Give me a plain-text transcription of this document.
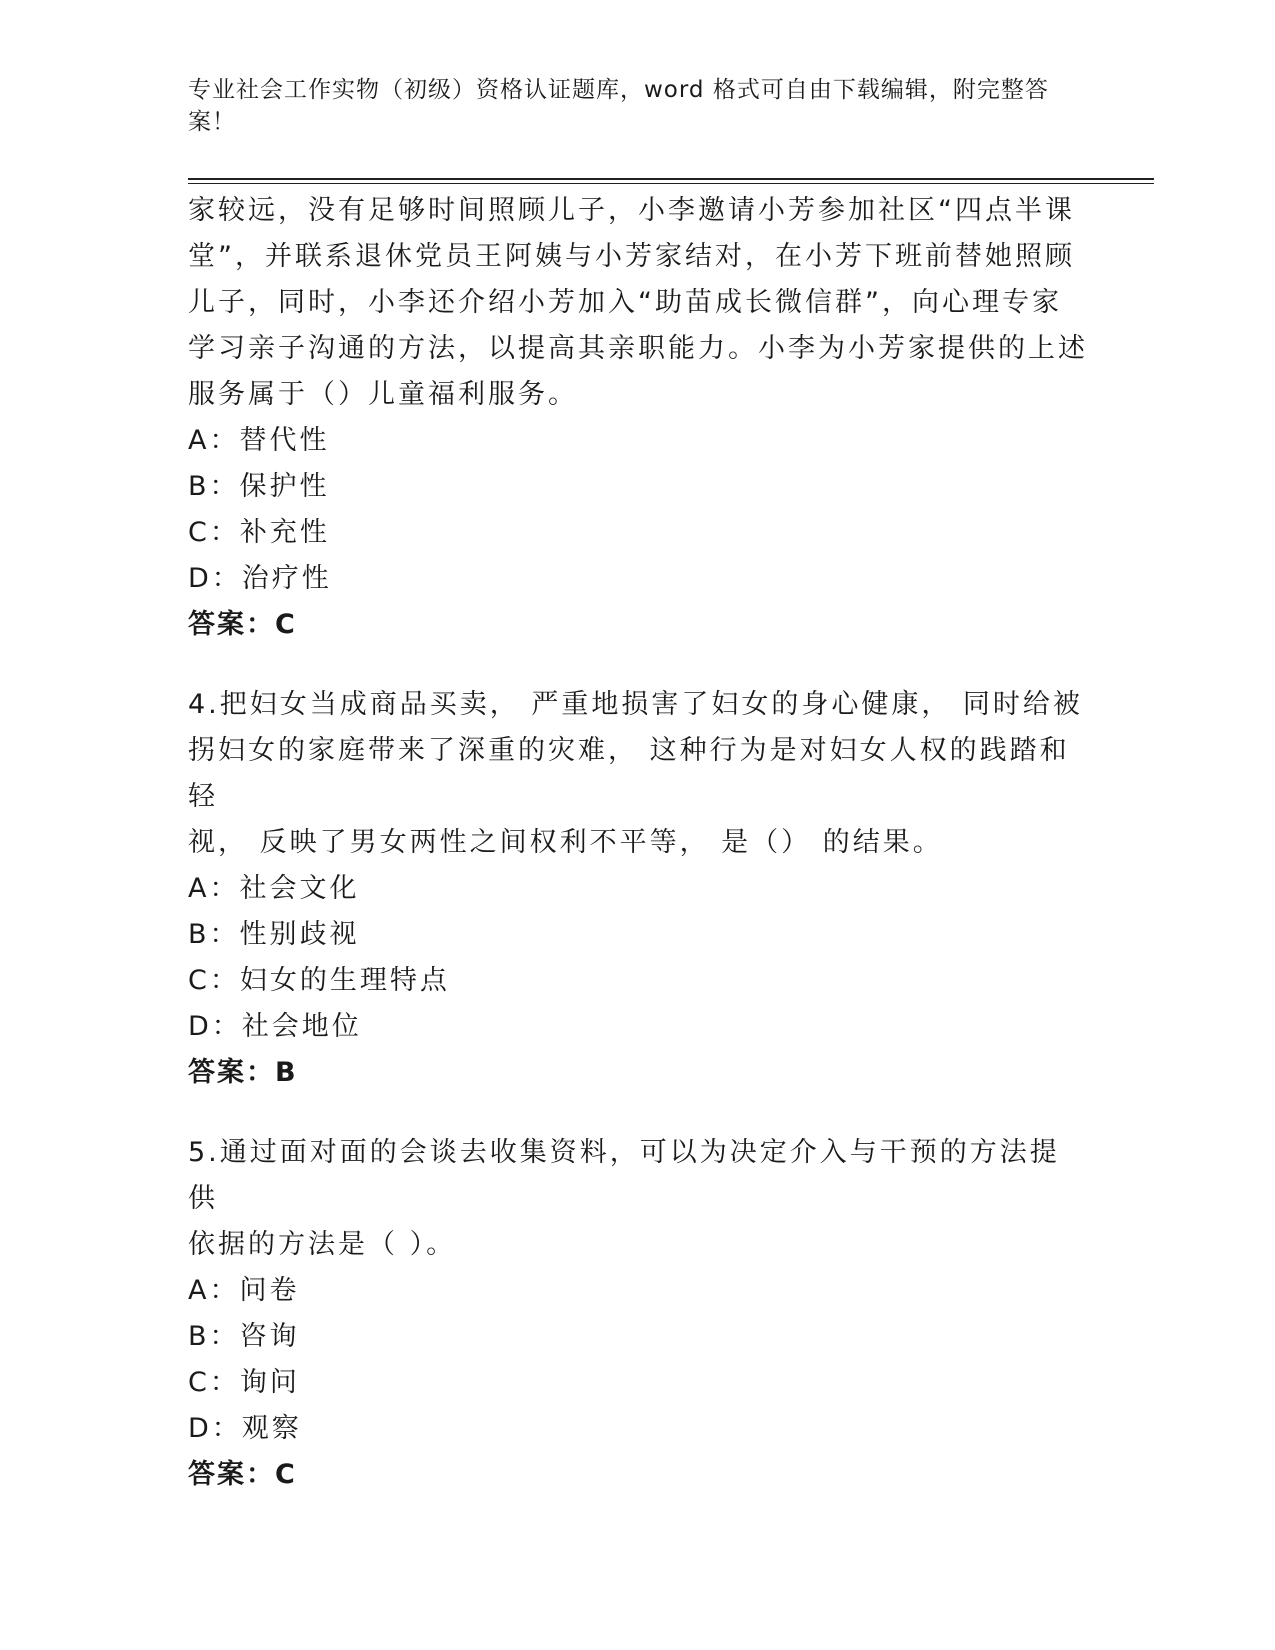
专业社会工作实物（初级）资格认证题库，word 格式可自由下载编辑，附完整答案！

家较远，没有足够时间照顾儿子，小李邀请小芳参加社区“四点半课

堂”，并联系退休党员王阿姨与小芳家结对，在小芳下班前替她照顾

儿子，同时，小李还介绍小芳加入“助苗成长微信群”，向心理专家

学习亲子沟通的方法，以提高其亲职能力。小李为小芳家提供的上述

服务属于（）儿童福利服务。

A：替代性

B：保护性

C：补充性

D：治疗性

答案：C

4.把妇女当成商品买卖， 严重地损害了妇女的身心健康， 同时给被

拐妇女的家庭带来了深重的灾难， 这种行为是对妇女人权的践踏和轻

视， 反映了男女两性之间权利不平等， 是（） 的结果。

A：社会文化

B：性别歧视

C：妇女的生理特点

D：社会地位

答案：B

5.通过面对面的会谈去收集资料，可以为决定介入与干预的方法提供

依据的方法是（ ）。

A：问卷

B：咨询

C：询问

D：观察

答案：C
